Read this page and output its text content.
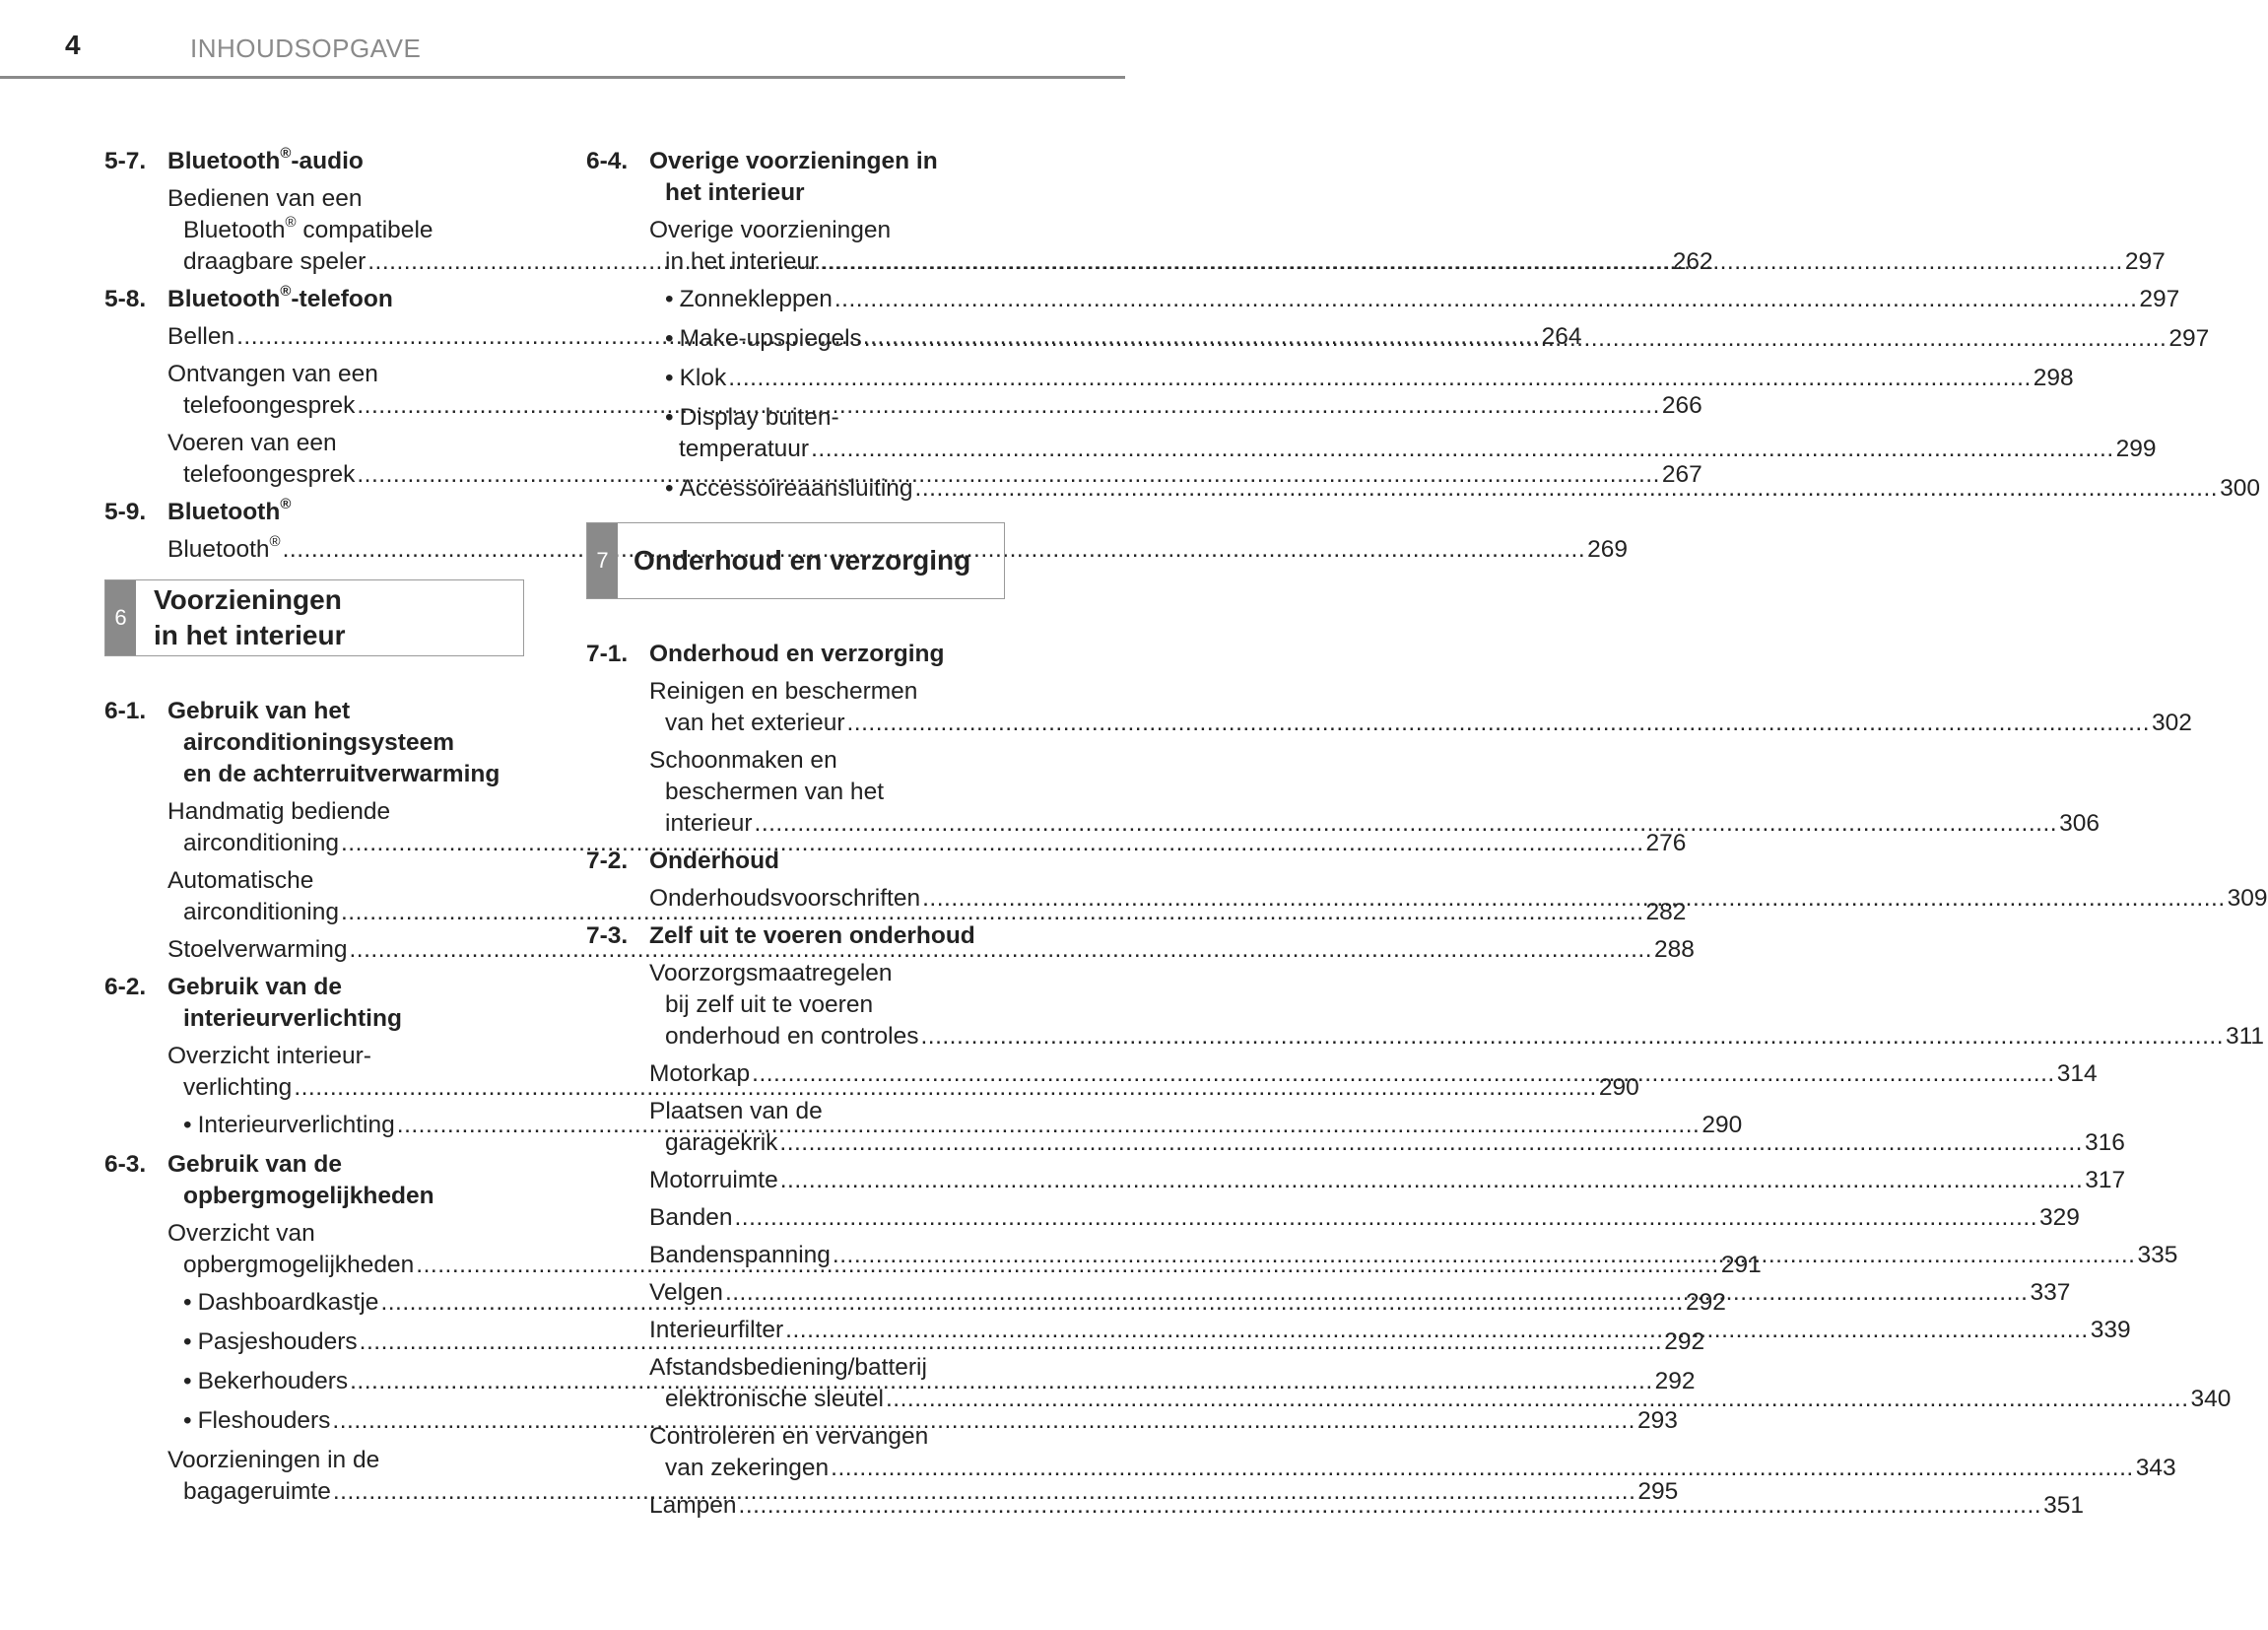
4	INHOUDSOPGAVE
5-7. Bluetooth®-audio
Bedienen van een
Bluetooth® compatibele
draagbare speler .....	262
5-8. Bluetooth®-telefoon
Bellen .....	264
Ontvangen van een
telefoongesprek .....	266
Voeren van een
telefoongesprek .....	267
5-9. Bluetooth®
Bluetooth® .....	269
6
Voorzieningen
in het interieur
6-1. Gebruik van het
airconditioningsysteem
en de achterruitverwarming
Handmatig bediende
airconditioning .....	276
Automatische
airconditioning .....	282
Stoelverwarming .....	288
6-2. Gebruik van de
interieurverlichting
Overzicht interieur-
verlichting .....	290
• Interieurverlichting .....	290
6-3. Gebruik van de
opbergmogelijkheden
Overzicht van
opbergmogelijkheden .....	291
• Dashboardkastje .....	292
• Pasjeshouders .....	292
• Bekerhouders .....	292
• Fleshouders .....	293
Voorzieningen in de
bagageruimte .....	295
6-4. Overige voorzieningen in
het interieur
Overige voorzieningen
in het interieur .....	297
• Zonnekleppen .....	297
• Make-upspiegels .....	297
• Klok .....	298
• Display buiten-
temperatuur .....	299
• Accessoireaansluiting .....	300
7 Onderhoud en verzorging
7-1. Onderhoud en verzorging
Reinigen en beschermen
van het exterieur .....	302
Schoonmaken en
beschermen van het
interieur .....	306
7-2. Onderhoud
Onderhoudsvoorschriften .....	309
7-3. Zelf uit te voeren onderhoud
Voorzorgsmaatregelen
bij zelf uit te voeren
onderhoud en controles .....	311
Motorkap .....	314
Plaatsen van de
garagekrik .....	316
Motorruimte .....	317
Banden .....	329
Bandenspanning .....	335
Velgen .....	337
Interieurfilter .....	339
Afstandsbediening/batterij
elektronische sleutel .....	340
Controleren en vervangen
van zekeringen .....	343
Lampen .....	351
